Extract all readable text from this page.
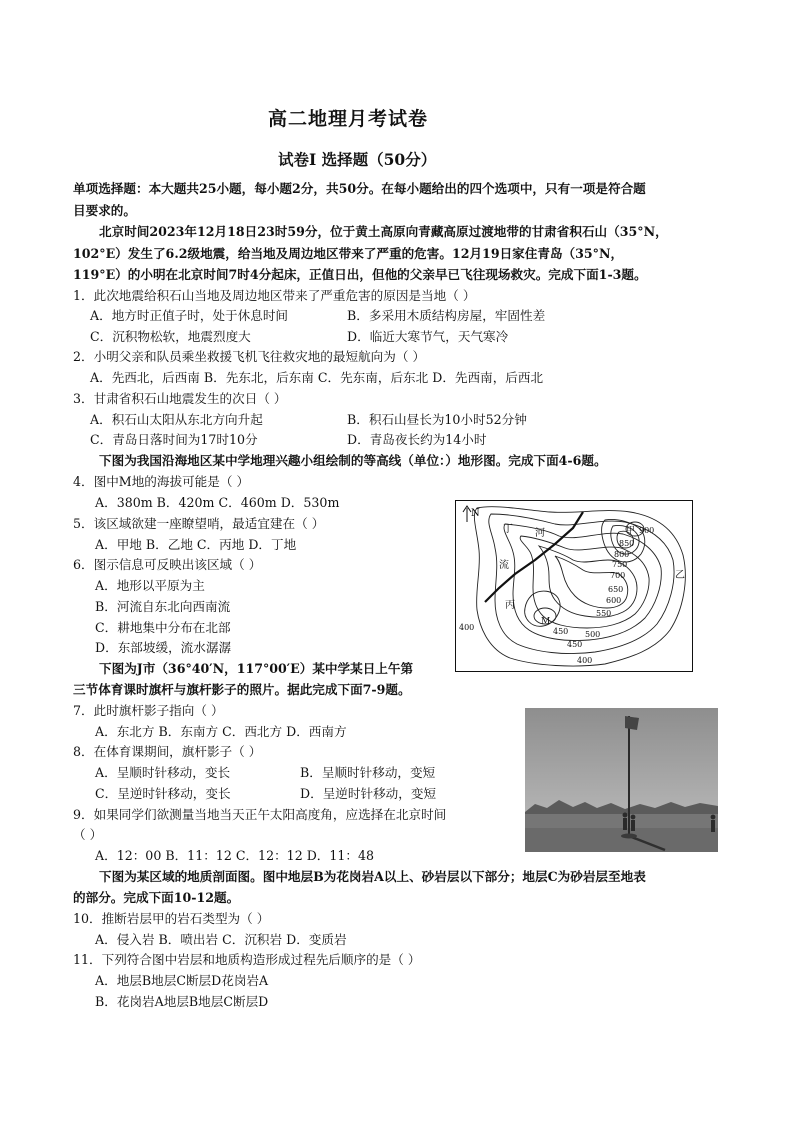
高二地理月考试卷
试卷Ⅰ 选择题（50分）
单项选择题：本大题共25小题，每小题2分，共50分。在每小题给出的四个选项中，只有一项是符合题
目要求的。
北京时间2023年12月18日23时59分，位于黄土高原向青藏高原过渡地带的甘肃省积石山（35°N，
102°E）发生了6.2级地震，给当地及周边地区带来了严重的危害。12月19日家住青岛（35°N，
119°E）的小明在北京时间7时4分起床，正值日出，但他的父亲早已飞往现场救灾。完成下面1-3题。
1．此次地震给积石山当地及周边地区带来了严重危害的原因是当地（ ）
A．地方时正值子时，处于休息时间	B．多采用木质结构房屋，牢固性差
C．沉积物松软，地震烈度大	D．临近大寒节气，天气寒冷
2．小明父亲和队员乘坐救援飞机飞往救灾地的最短航向为（ ）
A．先西北，后西南 B．先东北，后东南 C．先东南，后东北 D．先西南，后西北
3．甘肃省积石山地震发生的次日（ ）
A．积石山太阳从东北方向升起	B．积石山昼长为10小时52分钟
C．青岛日落时间为17时10分	D．青岛夜长约为14小时
下图为我国沿海地区某中学地理兴趣小组绘制的等高线（单位：）地形图。完成下面4-6题。
4．图中M地的海拔可能是（ ）
A．380m B．420m C．460m D．530m
5．该区域欲建一座瞭望哨，最适宜建在（ ）
A．甲地 B．乙地 C．丙地 D．丁地
6．图示信息可反映出该区域（ ）
A．地形以平原为主
B．河流自东北向西南流
C．耕地集中分布在北部
D．东部坡缓，流水潺潺
N
丁 河
流
丙
甲
乙
M
900
850
800
750
700
650
600
550
500
450
450
400
400
下图为J市（36°40′N，117°00′E）某中学某日上午第
三节体育课时旗杆与旗杆影子的照片。据此完成下面7-9题。
7．此时旗杆影子指向（ ）
A．东北方 B．东南方 C．西北方 D．西南方
8．在体育课期间，旗杆影子（ ）
A．呈顺时针移动，变长	B．呈顺时针移动，变短
C．呈逆时针移动，变长	D．呈逆时针移动，变短
9．如果同学们欲测量当地当天正午太阳高度角，应选择在北京时间
（ ）
A．12：00 B．11：12 C．12：12 D．11：48
下图为某区域的地质剖面图。图中地层B为花岗岩A以上、砂岩层以下部分；地层C为砂岩层至地表
的部分。完成下面10-12题。
10．推断岩层甲的岩石类型为（ ）
A．侵入岩 B．喷出岩 C．沉积岩 D．变质岩
11．下列符合图中岩层和地质构造形成过程先后顺序的是（ ）
A．地层B地层C断层D花岗岩A
B．花岗岩A地层B地层C断层D
